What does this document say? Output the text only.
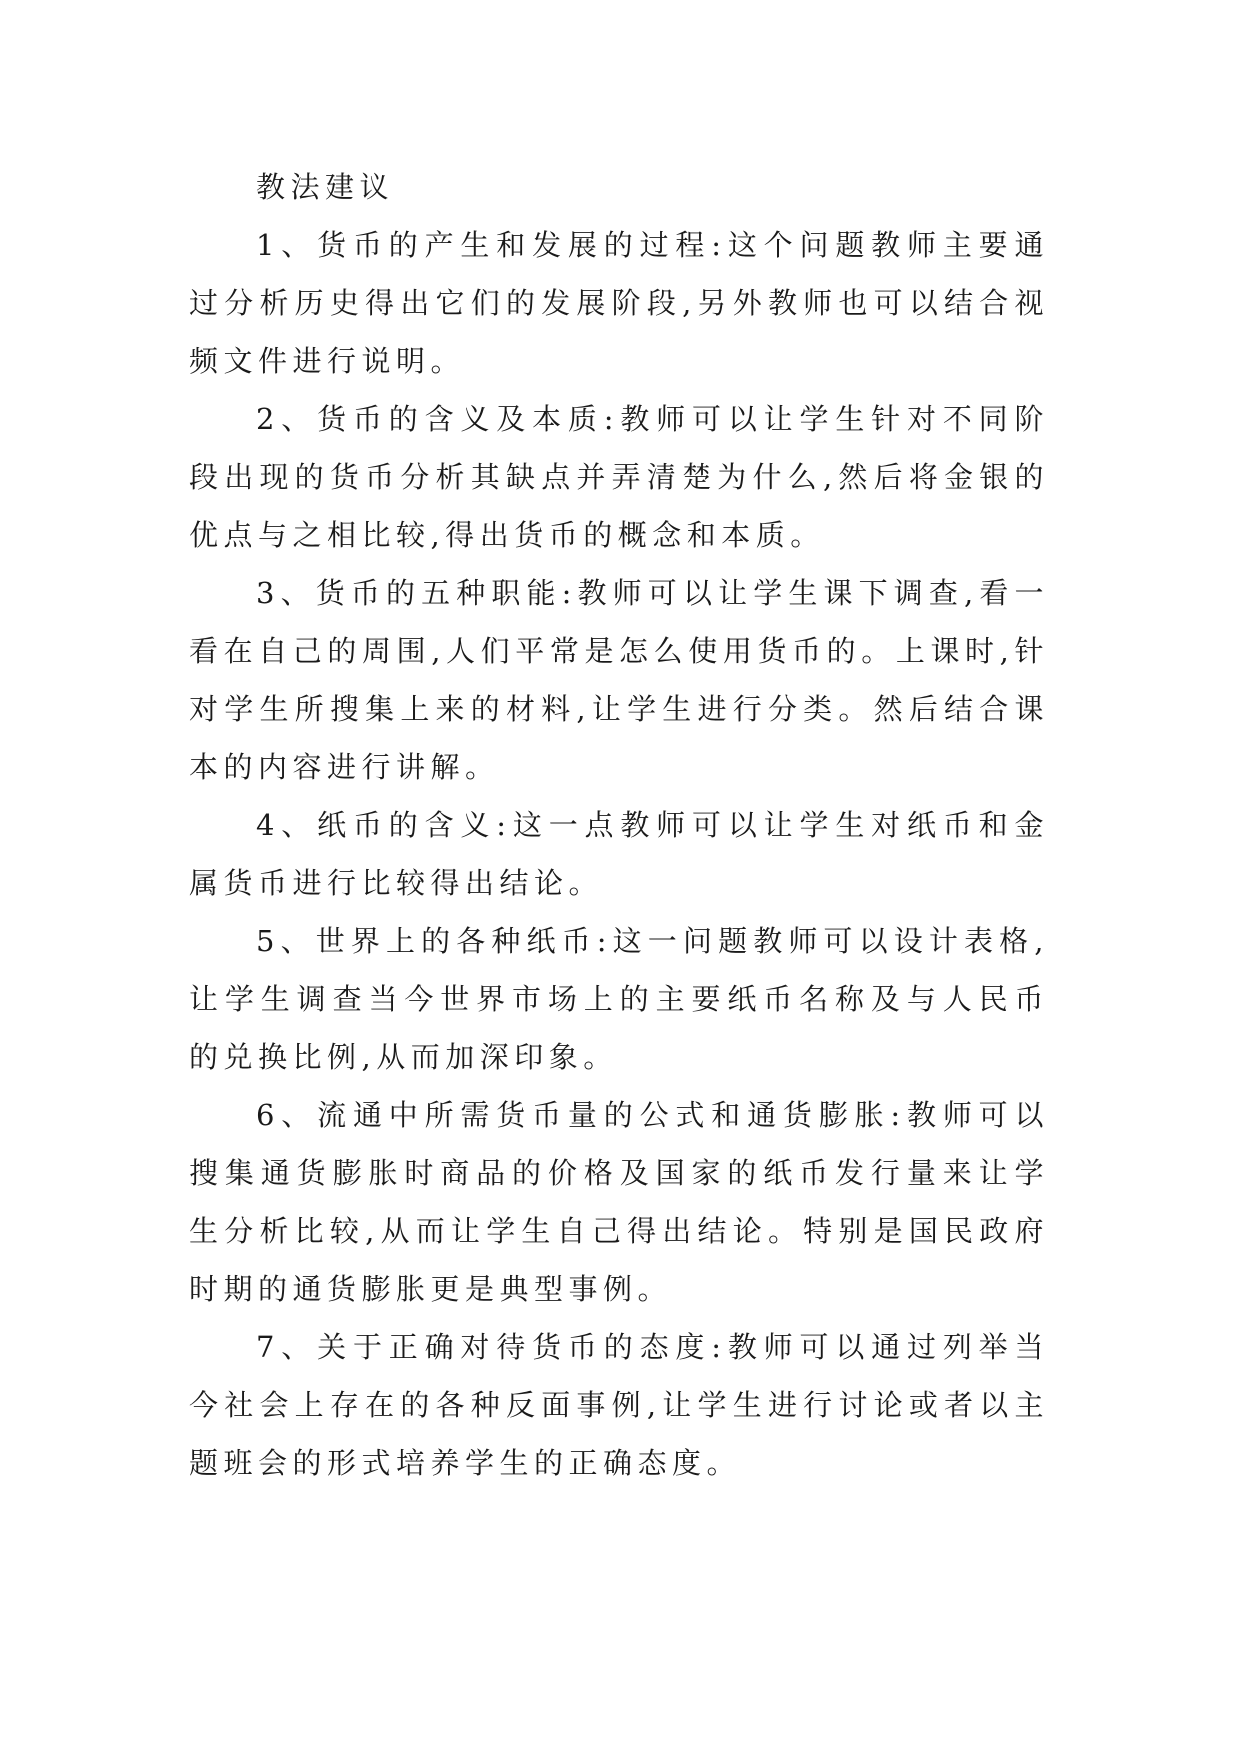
教法建议

1、货币的产生和发展的过程:这个问题教师主要通过分析历史得出它们的发展阶段,另外教师也可以结合视频文件进行说明。

2、货币的含义及本质:教师可以让学生针对不同阶段出现的货币分析其缺点并弄清楚为什么,然后将金银的优点与之相比较,得出货币的概念和本质。

3、货币的五种职能:教师可以让学生课下调查,看一看在自己的周围,人们平常是怎么使用货币的。上课时,针对学生所搜集上来的材料,让学生进行分类。然后结合课本的内容进行讲解。

4、纸币的含义:这一点教师可以让学生对纸币和金属货币进行比较得出结论。

5、世界上的各种纸币:这一问题教师可以设计表格,让学生调查当今世界市场上的主要纸币名称及与人民币的兑换比例,从而加深印象。

6、流通中所需货币量的公式和通货膨胀:教师可以搜集通货膨胀时商品的价格及国家的纸币发行量来让学生分析比较,从而让学生自己得出结论。特别是国民政府时期的通货膨胀更是典型事例。

7、关于正确对待货币的态度:教师可以通过列举当今社会上存在的各种反面事例,让学生进行讨论或者以主题班会的形式培养学生的正确态度。
